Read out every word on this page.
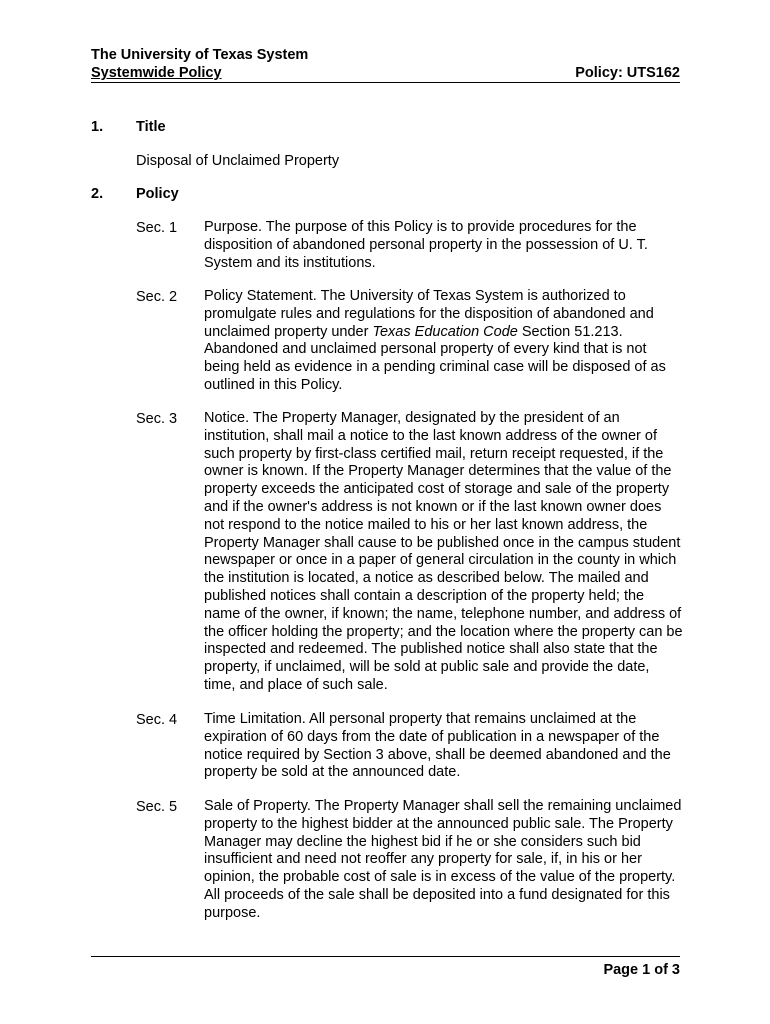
The University of Texas System
Systemwide Policy	Policy: UTS162
1. Title
Disposal of Unclaimed Property
2. Policy
Sec. 1 Purpose. The purpose of this Policy is to provide procedures for the disposition of abandoned personal property in the possession of U. T. System and its institutions.

Sec. 2 Policy Statement. The University of Texas System is authorized to promulgate rules and regulations for the disposition of abandoned and unclaimed property under Texas Education Code Section 51.213. Abandoned and unclaimed personal property of every kind that is not being held as evidence in a pending criminal case will be disposed of as outlined in this Policy.

Sec. 3 Notice. The Property Manager, designated by the president of an institution, shall mail a notice to the last known address of the owner of such property by first-class certified mail, return receipt requested, if the owner is known. If the Property Manager determines that the value of the property exceeds the anticipated cost of storage and sale of the property and if the owner's address is not known or if the last known owner does not respond to the notice mailed to his or her last known address, the Property Manager shall cause to be published once in the campus student newspaper or once in a paper of general circulation in the county in which the institution is located, a notice as described below. The mailed and published notices shall contain a description of the property held; the name of the owner, if known; the name, telephone number, and address of the officer holding the property; and the location where the property can be inspected and redeemed. The published notice shall also state that the property, if unclaimed, will be sold at public sale and provide the date, time, and place of such sale.

Sec. 4 Time Limitation. All personal property that remains unclaimed at the expiration of 60 days from the date of publication in a newspaper of the notice required by Section 3 above, shall be deemed abandoned and the property be sold at the announced date.

Sec. 5 Sale of Property. The Property Manager shall sell the remaining unclaimed property to the highest bidder at the announced public sale. The Property Manager may decline the highest bid if he or she considers such bid insufficient and need not reoffer any property for sale, if, in his or her opinion, the probable cost of sale is in excess of the value of the property. All proceeds of the sale shall be deposited into a fund designated for this purpose.

Page 1 of 3
